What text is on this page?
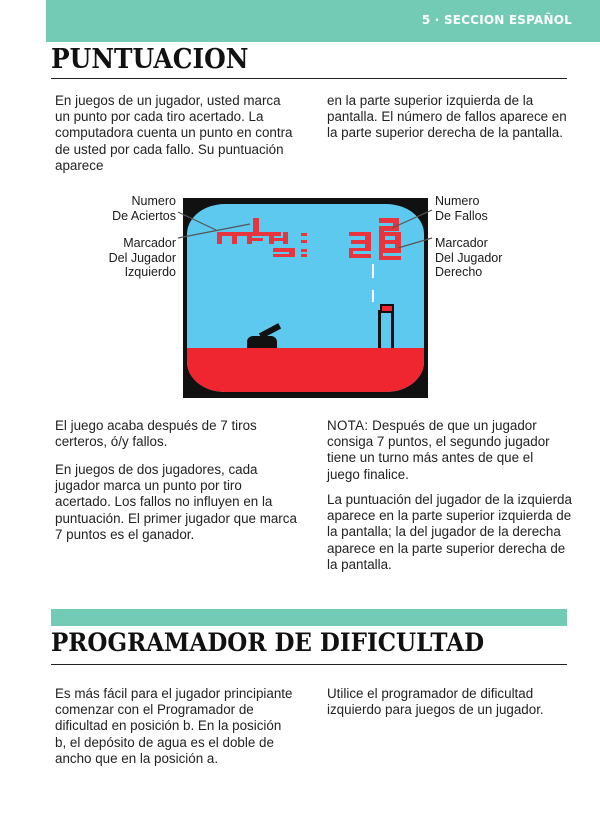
5 · SECCION ESPAÑOL
PUNTUACION

En juegos de un jugador, usted marca un punto por cada tiro acertado. La computadora cuenta un punto en contra de usted por cada fallo. Su puntuación aparece

en la parte superior izquierda de la pantalla. El número de fallos aparece en la parte superior derecha de la pantalla.

Numero
De Aciertos
Marcador
Del Jugador
Izquierdo
Numero
De Fallos
Marcador
Del Jugador
Derecho

El juego acaba después de 7 tiros certeros, ó/y fallos.

En juegos de dos jugadores, cada jugador marca un punto por tiro acertado. Los fallos no influyen en la puntuación. El primer jugador que marca 7 puntos es el ganador.

NOTA: Después de que un jugador consiga 7 puntos, el segundo jugador tiene un turno más antes de que el juego finalice.

La puntuación del jugador de la izquierda aparece en la parte superior izquierda de la pantalla; la del jugador de la derecha aparece en la parte superior derecha de la pantalla.

PROGRAMADOR DE DIFICULTAD

Es más fácil para el jugador principiante comenzar con el Programador de dificultad en posición b. En la posición b, el depósito de agua es el doble de ancho que en la posición a.

Utilice el programador de dificultad izquierdo para juegos de un jugador.
